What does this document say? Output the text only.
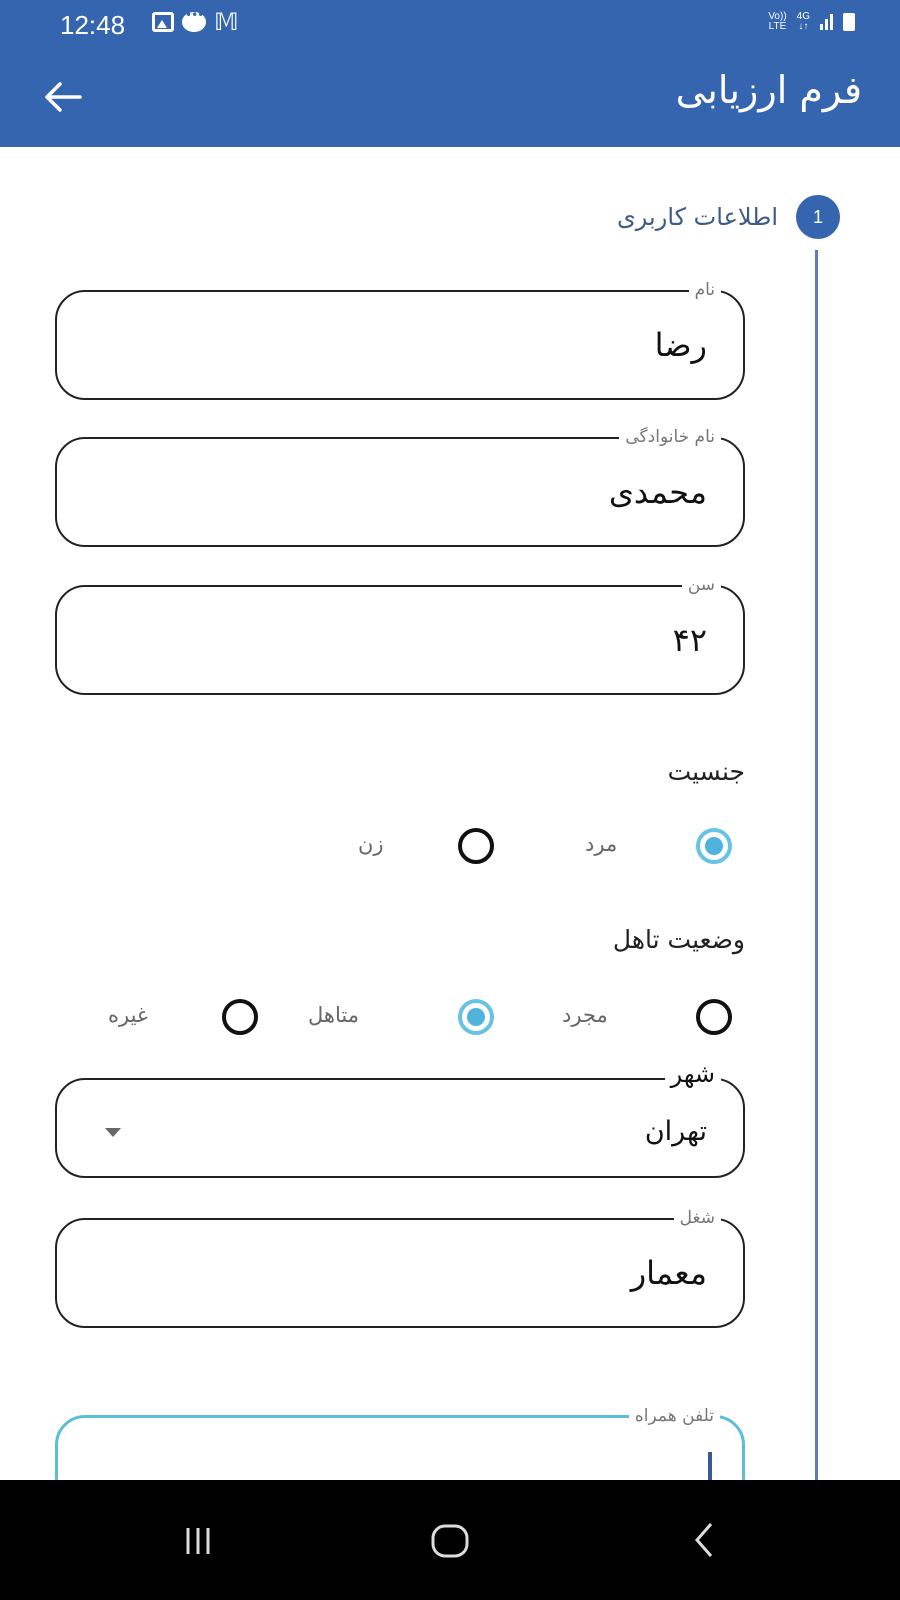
12:48 •••	𝕄	Vo))
LTE
4G
↓↑
فرم ارزیابی
1
اطلاعات کاربری
نام
رضا
نام خانوادگی
محمدی
سن
۴۲
جنسیت
مرد
زن
وضعیت تاهل
مجرد
متاهل
غیره
شهر
تهران
شغل
معمار
تلفن همراه
